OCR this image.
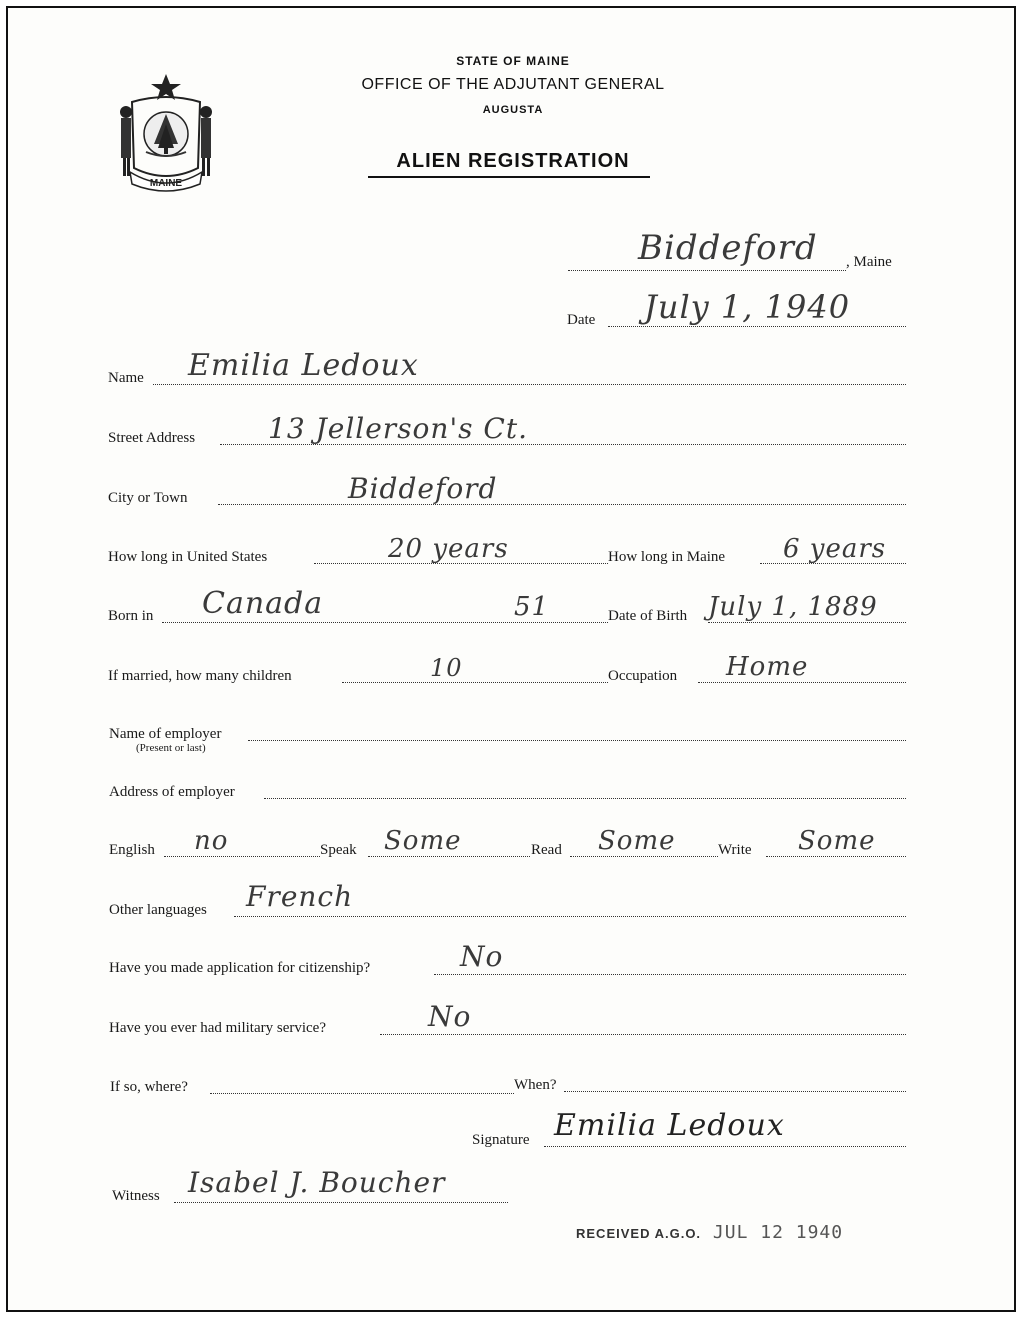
STATE OF MAINE
OFFICE OF THE ADJUTANT GENERAL
AUGUSTA
ALIEN REGISTRATION
MAINE
Biddeford , Maine
Date July 1, 1940
Name Emilia Ledoux
Street Address	13 Jellerson's Ct.
City or Town	Biddeford
How long in United States	20 years	How long in Maine 6 years
Born in Canada	51	Date of Birth July 1, 1889
If married, how many children	10	Occupation Home
Name of employer
(Present or last)
Address of employer
English no	Speak Some	Read Some	Write Some
Other languages French
Have you made application for citizenship?	No
Have you ever had military service?	No
If so, where?	When?
Signature Emilia Ledoux
Witness Isabel J. Boucher
RECEIVED A.G.O. JUL 12 1940
